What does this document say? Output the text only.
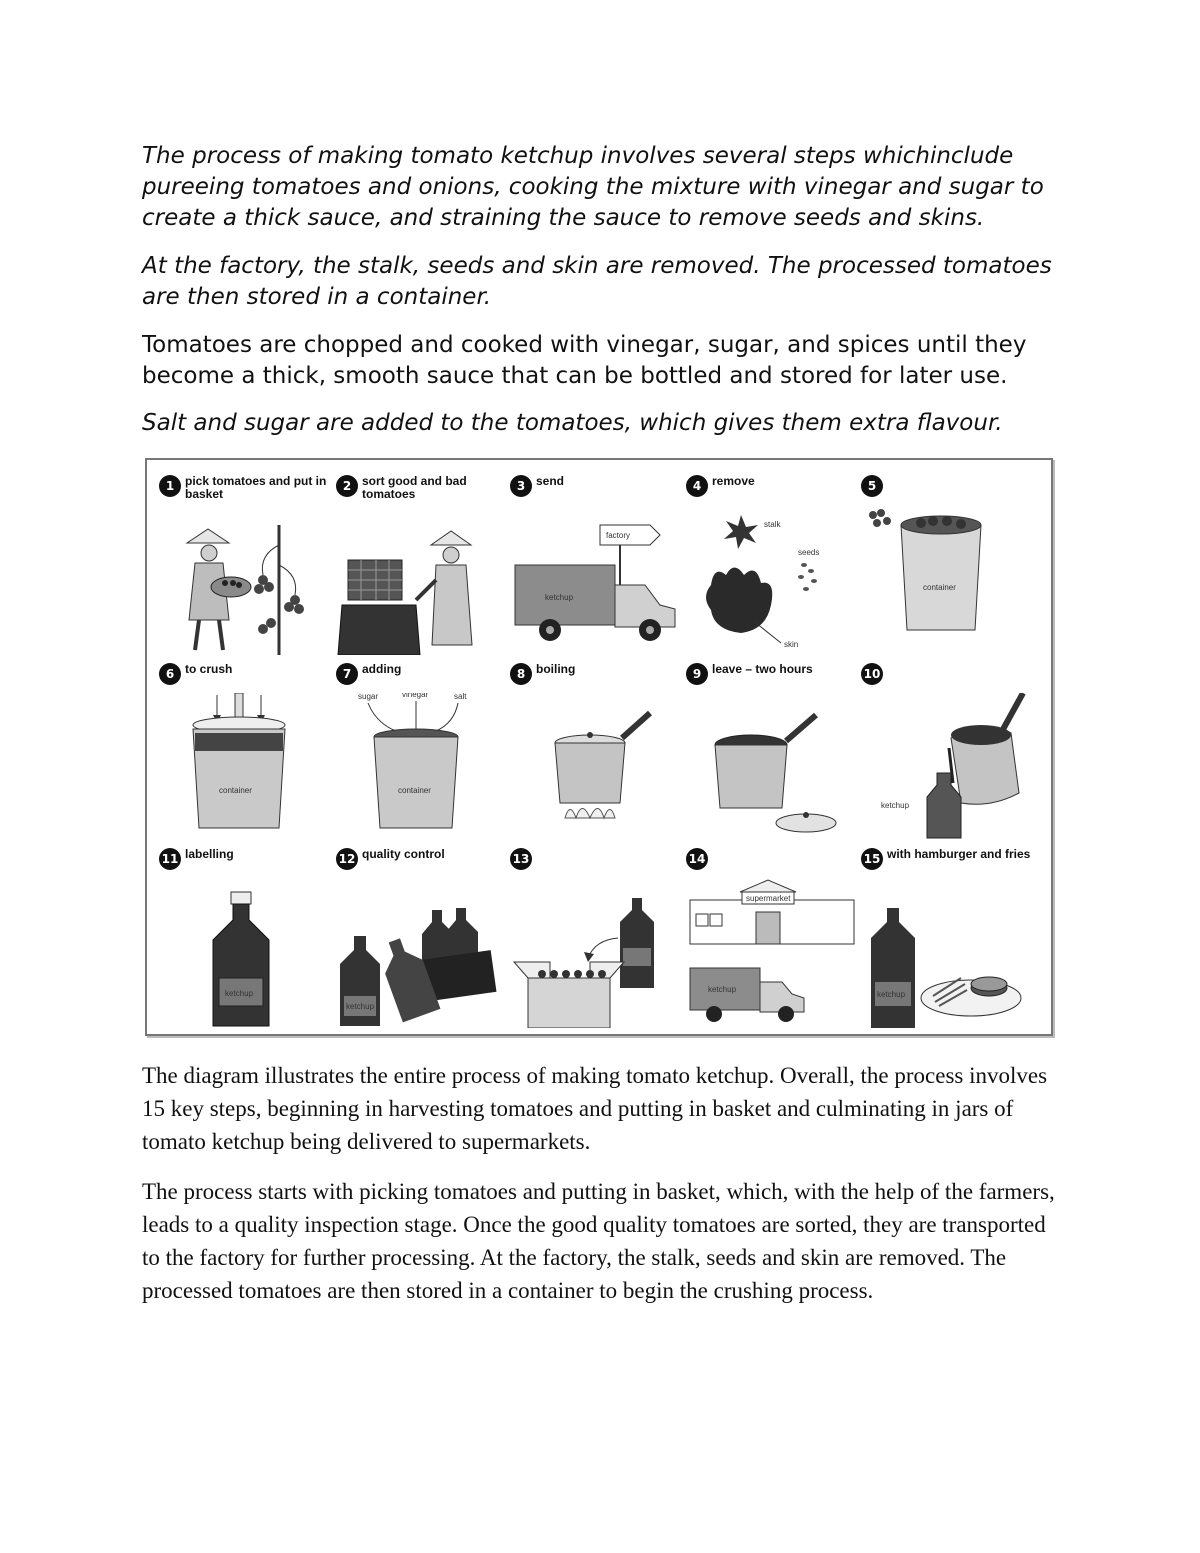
The process of making tomato ketchup involves several steps whichinclude pureeing tomatoes and onions, cooking the mixture with vinegar and sugar to create a thick sauce, and straining the sauce to remove seeds and skins.

At the factory, the stalk, seeds and skin are removed. The processed tomatoes are then stored in a container.

Tomatoes are chopped and cooked with vinegar, sugar, and spices until they become a thick, smooth sauce that can be bottled and stored for later use.

Salt and sugar are added to the tomatoes, which gives them extra flavour.

1 pick tomatoes and put in basket
2 sort good and bad tomatoes
3 send
factory
ketchup
4 remove
stalk
seeds
skin
5
container
6 to crush
container
7 adding
sugar	vinegar	salt
container
8 boiling	9 leave – two hours	10
ketchup
11 labelling
ketchup
12 quality control
ketchup
13	14
supermarket
ketchup
15 with hamburger and fries
ketchup

The diagram illustrates the entire process of making tomato ketchup. Overall, the process involves 15 key steps, beginning in harvesting tomatoes and putting in basket and culminating in jars of tomato ketchup being delivered to supermarkets.

The process starts with picking tomatoes and putting in basket, which, with the help of the farmers, leads to a quality inspection stage. Once the good quality tomatoes are sorted, they are transported to the factory for further processing. At the factory, the stalk, seeds and skin are removed. The processed tomatoes are then stored in a container to begin the crushing process.
